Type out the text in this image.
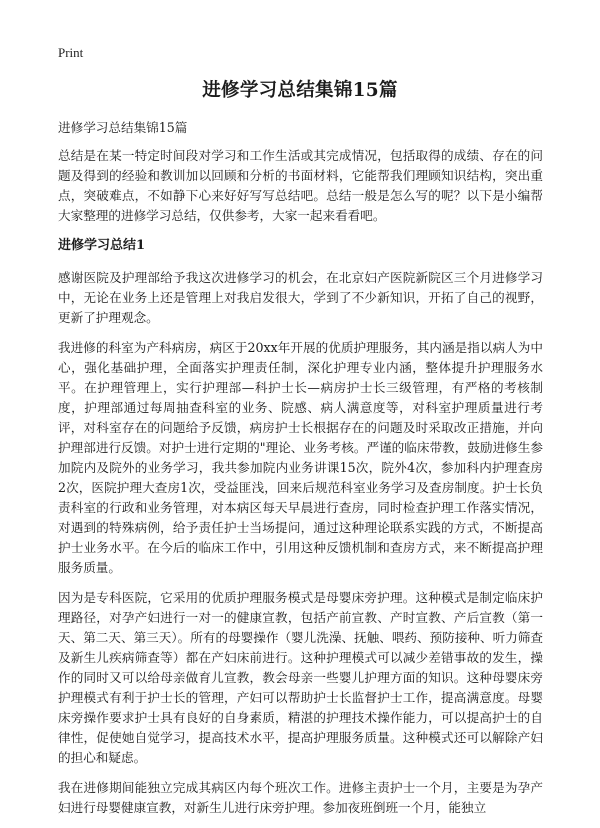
Print
进修学习总结集锦15篇

进修学习总结集锦15篇

总结是在某一特定时间段对学习和工作生活或其完成情况，包括取得的成绩、存在的问题及得到的经验和教训加以回顾和分析的书面材料，它能帮我们理顾知识结构，突出重点，突破难点，不如静下心来好好写写总结吧。总结一般是怎么写的呢？以下是小编帮大家整理的进修学习总结，仅供参考，大家一起来看看吧。

进修学习总结1

感谢医院及护理部给予我这次进修学习的机会，在北京妇产医院新院区三个月进修学习中，无论在业务上还是管理上对我启发很大，学到了不少新知识，开拓了自己的视野，更新了护理观念。

我进修的科室为产科病房，病区于20xx年开展的优质护理服务，其内涵是指以病人为中心，强化基础护理，全面落实护理责任制，深化护理专业内涵，整体提升护理服务水平。在护理管理上，实行护理部—科护士长—病房护士长三级管理，有严格的考核制度，护理部通过每周抽查科室的业务、院感、病人满意度等，对科室护理质量进行考评，对科室存在的问题给予反馈，病房护士长根据存在的问题及时采取改正措施，并向护理部进行反馈。对护士进行定期的"理论、业务考核。严谨的临床带教，鼓励进修生参加院内及院外的业务学习，我共参加院内业务讲课15次，院外4次，参加科内护理查房2次，医院护理大查房1次，受益匪浅，回来后规范科室业务学习及查房制度。护士长负责科室的行政和业务管理，对本病区每天早晨进行查房，同时检查护理工作落实情况，对遇到的特殊病例，给予责任护士当场提问，通过这种理论联系实践的方式，不断提高护士业务水平。在今后的临床工作中，引用这种反馈机制和查房方式，来不断提高护理服务质量。

因为是专科医院，它采用的优质护理服务模式是母婴床旁护理。这种模式是制定临床护理路径，对孕产妇进行一对一的健康宣教，包括产前宣教、产时宣教、产后宣教（第一天、第二天、第三天）。所有的母婴操作（婴儿洗澡、抚触、喂药、预防接种、听力筛查及新生儿疾病筛查等）都在产妇床前进行。这种护理模式可以减少差错事故的发生，操作的同时又可以给母亲做育儿宣教，教会母亲一些婴儿护理方面的知识。这种母婴床旁护理模式有利于护士长的管理，产妇可以帮助护士长监督护士工作，提高满意度。母婴床旁操作要求护士具有良好的自身素质，精湛的护理技术操作能力，可以提高护士的自律性，促使她自觉学习，提高技术水平，提高护理服务质量。这种模式还可以解除产妇的担心和疑虑。

我在进修期间能独立完成其病区内每个班次工作。进修主责护士一个月，主要是为孕产妇进行母婴健康宣教，对新生儿进行床旁护理。参加夜班倒班一个月，能独立
